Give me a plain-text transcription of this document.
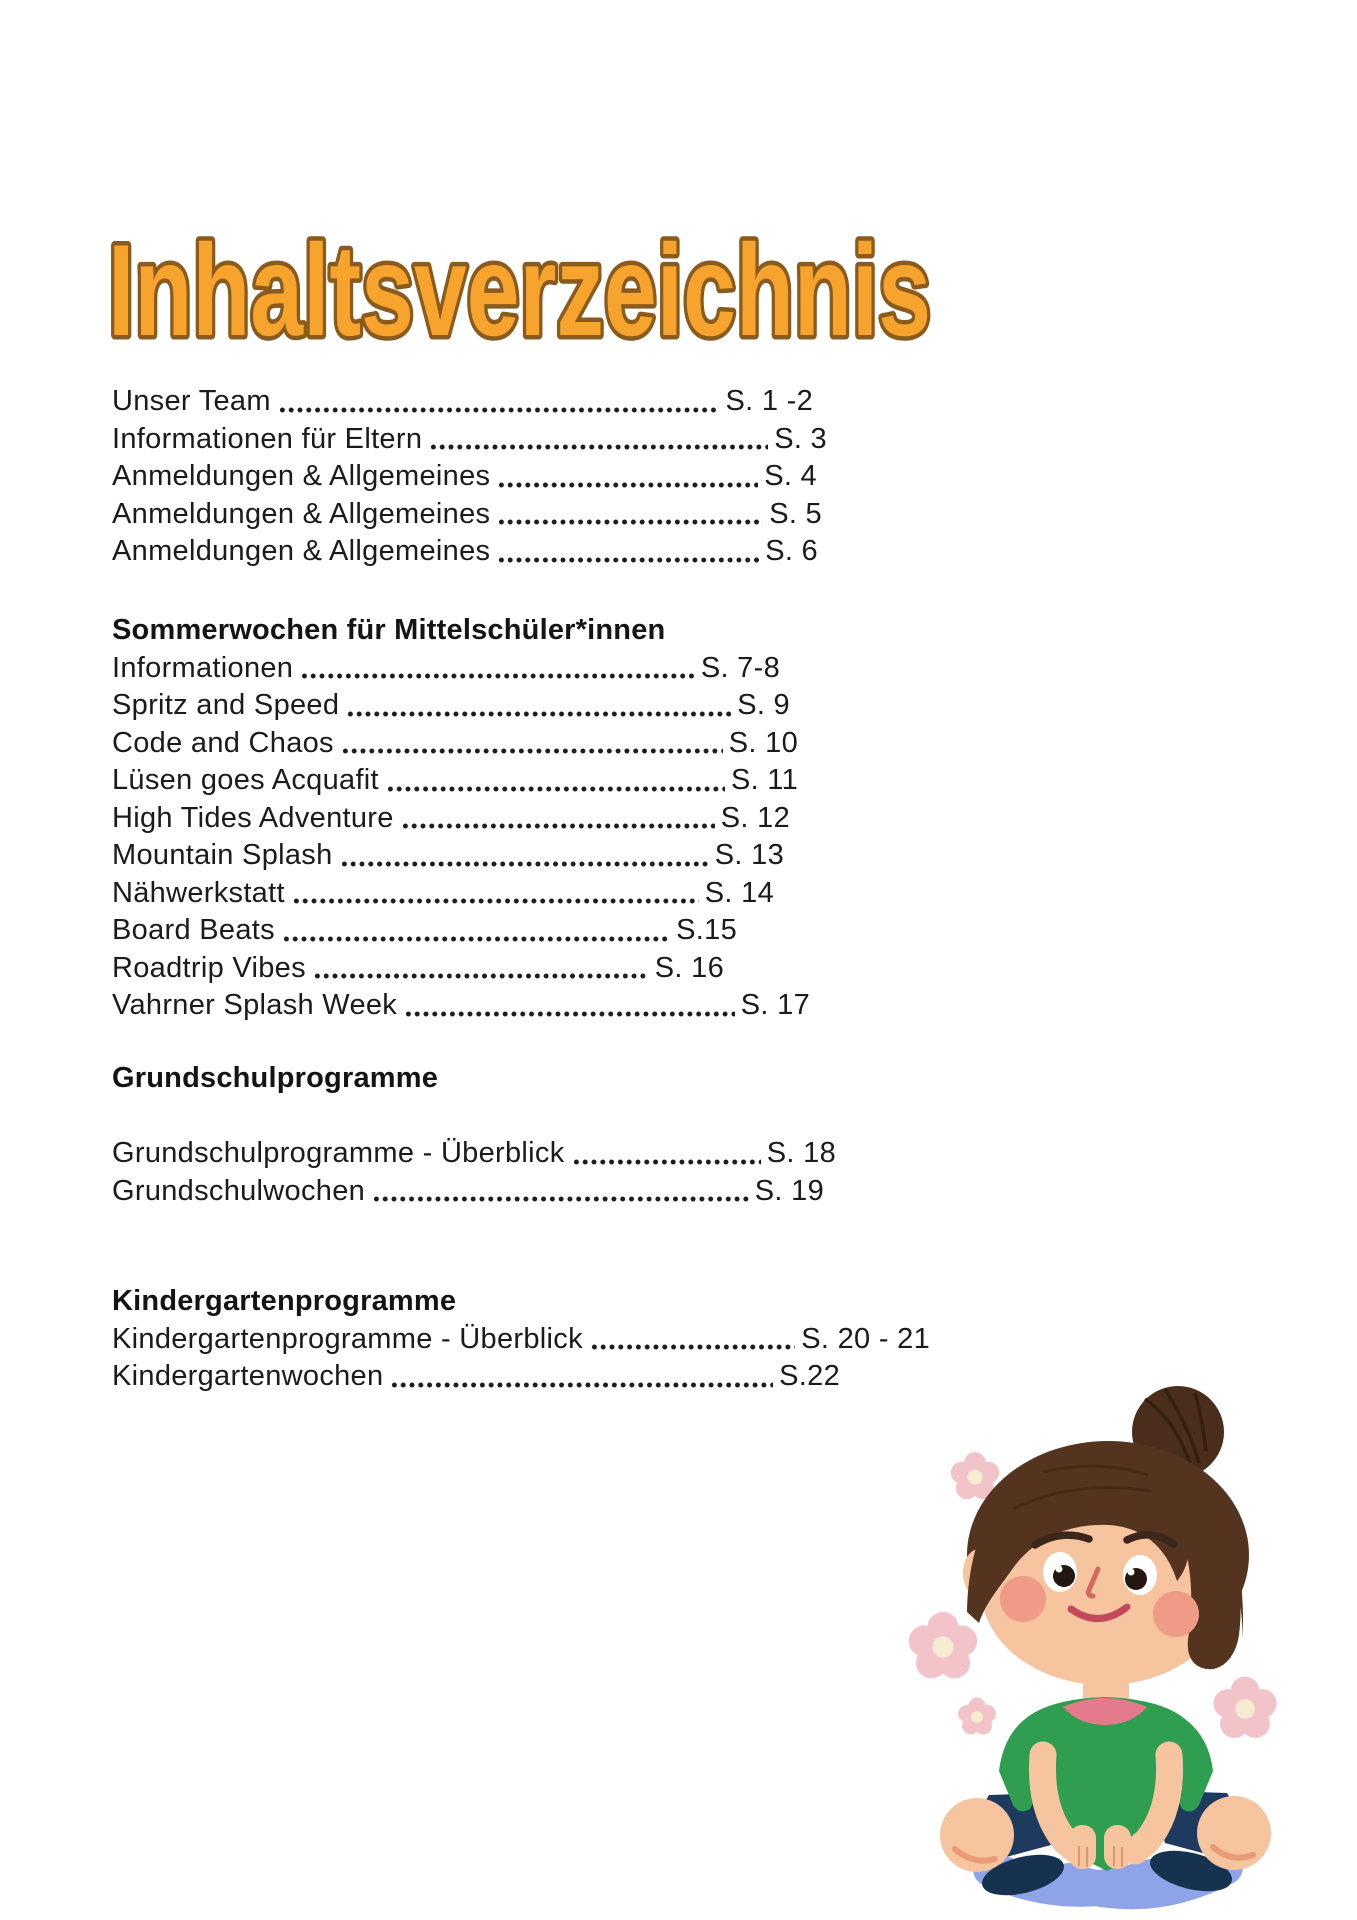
Inhaltsverzeichnis
Unser Team	S. 1 -2
Informationen für Eltern	S. 3
Anmeldungen & Allgemeines	S. 4
Anmeldungen & Allgemeines	S. 5
Anmeldungen & Allgemeines	S. 6
Sommerwochen für Mittelschüler*innen
Informationen	S. 7-8
Spritz and Speed	S. 9
Code and Chaos	S. 10
Lüsen goes Acquafit	S. 11
High Tides Adventure	S. 12
Mountain Splash	S. 13
Nähwerkstatt	S. 14
Board Beats	S.15
Roadtrip Vibes	S. 16
Vahrner Splash Week	S. 17
Grundschulprogramme
Grundschulprogramme - Überblick	S. 18
Grundschulwochen	S. 19
Kindergartenprogramme
Kindergartenprogramme - Überblick	S. 20 - 21
Kindergartenwochen	S.22
